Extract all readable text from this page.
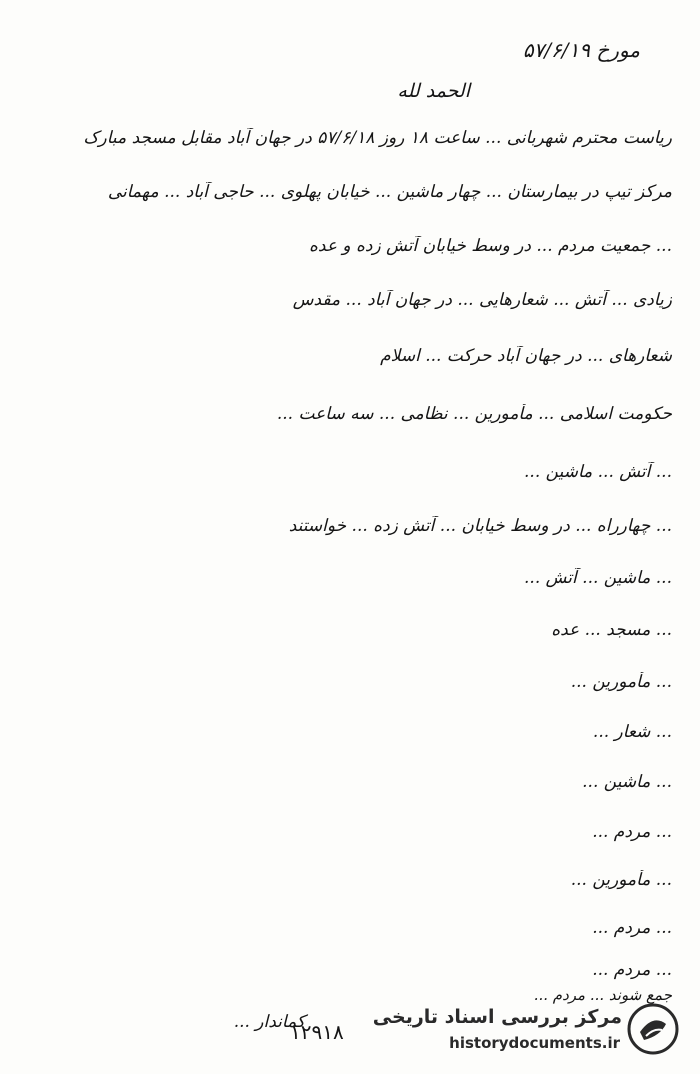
مورخ ۵۷/۶/۱۹
الحمد لله
ریاست محترم شهربانی ... ساعت ۱۸ روز ۵۷/۶/۱۸ در جهان آباد مقابل مسجد مبارک
مرکز تیپ در بیمارستان ... چهار ماشین ... خیابان پهلوی ... حاجی آباد ... مهمانی
... جمعیت مردم ... در وسط خیابان آتش زده و عده
زیادی ... آتش ... شعارهایی ... در جهان آباد ... مقدس
شعارهای ... در جهان آباد حرکت ... اسلام
حکومت اسلامی ... مأمورین ... نظامی ... سه ساعت ...
... آتش ... ماشین ...
... چهارراه ... در وسط خیابان ... آتش زده ... خواستند
... ماشین ... آتش ...
... مسجد ... عده
... مأمورین ...
... شعار ...
... ماشین ...
... مردم ...
... مأمورین ...
... مردم ...
... مردم ...
جمع شوند ... مردم ...
کماندار ...
۱۲۹۱۸
مرکز بررسی اسناد تاریخی
historydocuments.ir
